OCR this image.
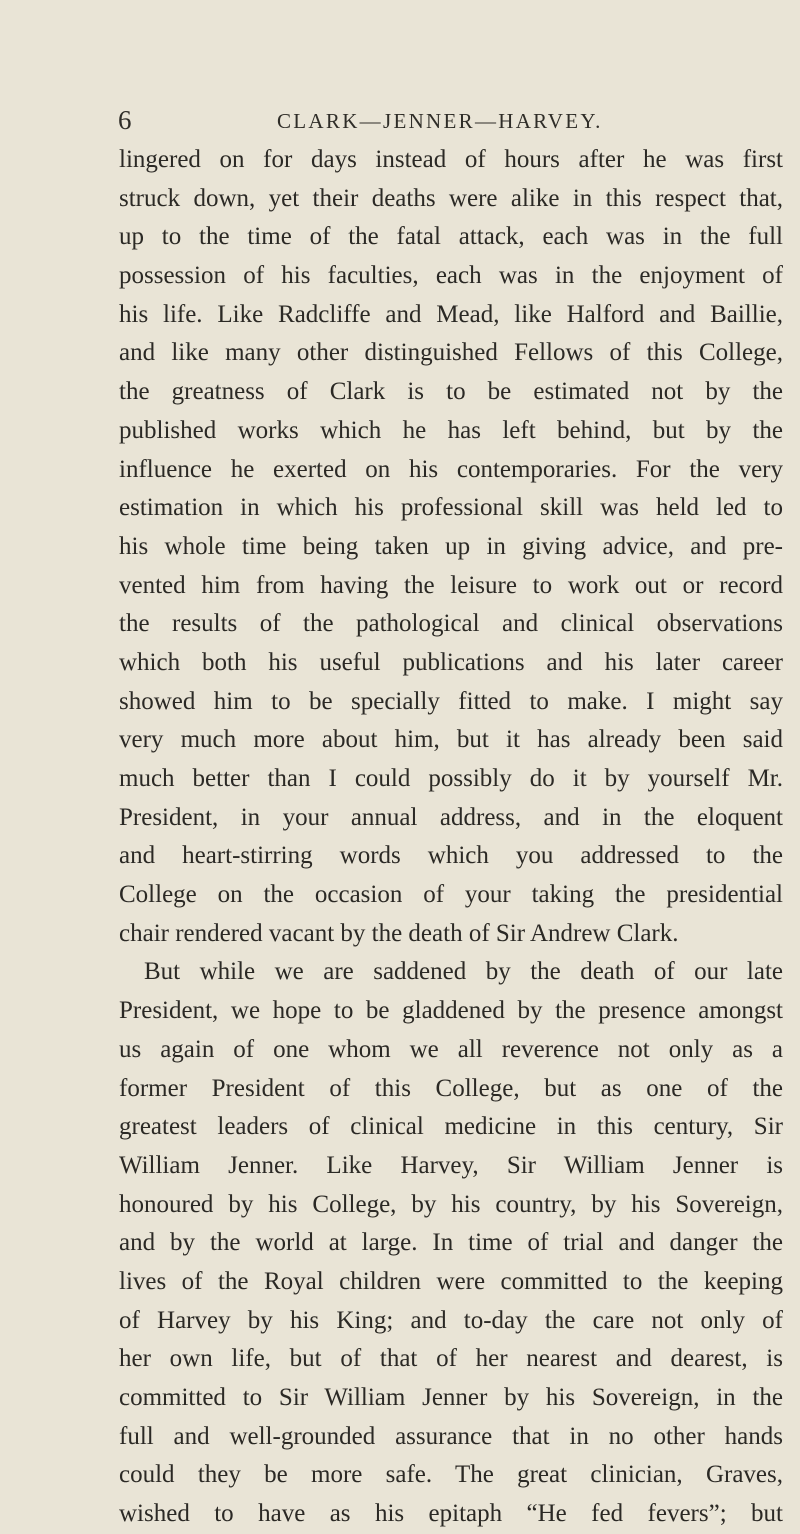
6	CLARK—JENNER—HARVEY.
lingered on for days instead of hours after he was first
struck down, yet their deaths were alike in this respect that,
up to the time of the fatal attack, each was in the full
possession of his faculties, each was in the enjoyment of
his life. Like Radcliffe and Mead, like Halford and Baillie,
and like many other distinguished Fellows of this College,
the greatness of Clark is to be estimated not by the
published works which he has left behind, but by the
influence he exerted on his contemporaries. For the very
estimation in which his professional skill was held led to
his whole time being taken up in giving advice, and pre-
vented him from having the leisure to work out or record
the results of the pathological and clinical observations
which both his useful publications and his later career
showed him to be specially fitted to make. I might say
very much more about him, but it has already been said
much better than I could possibly do it by yourself Mr.
President, in your annual address, and in the eloquent
and heart-stirring words which you addressed to the
College on the occasion of your taking the presidential
chair rendered vacant by the death of Sir Andrew Clark.
But while we are saddened by the death of our late
President, we hope to be gladdened by the presence amongst
us again of one whom we all reverence not only as a
former President of this College, but as one of the
greatest leaders of clinical medicine in this century, Sir
William Jenner. Like Harvey, Sir William Jenner is
honoured by his College, by his country, by his Sovereign,
and by the world at large. In time of trial and danger the
lives of the Royal children were committed to the keeping
of Harvey by his King; and to-day the care not only of
her own life, but of that of her nearest and dearest, is
committed to Sir William Jenner by his Sovereign, in the
full and well-grounded assurance that in no other hands
could they be more safe. The great clinician, Graves,
wished to have as his epitaph “He fed fevers”; but
